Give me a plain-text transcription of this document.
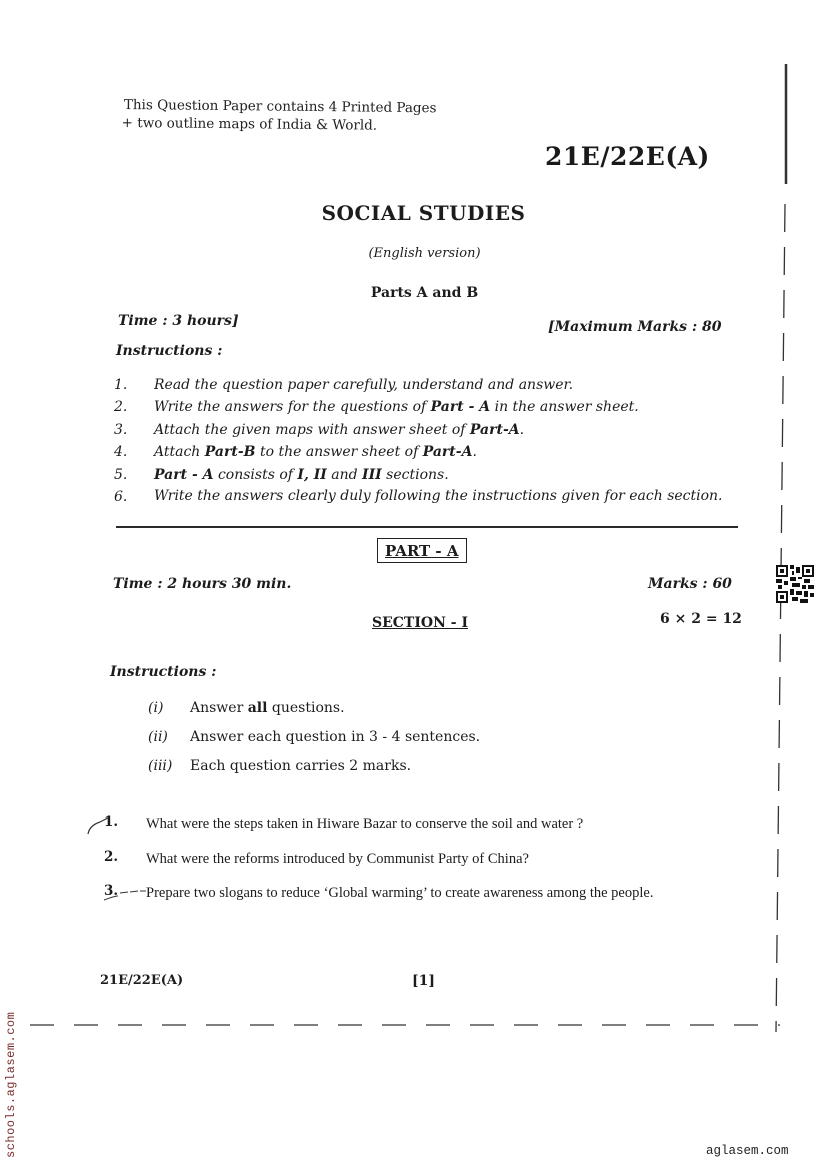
This Question Paper contains 4 Printed Pages
+ two outline maps of India & World.
21E/22E(A)
SOCIAL STUDIES
(English version)
Parts A and B
Time : 3 hours]	[Maximum Marks : 80
Instructions :
1.	Read the question paper carefully, understand and answer.
2.	Write the answers for the questions of Part - A in the answer sheet.
3.	Attach the given maps with answer sheet of Part-A.
4.	Attach Part-B to the answer sheet of Part-A.
5.	Part - A consists of I, II and III sections.
6.	Write the answers clearly duly following the instructions given for each section.
PART - A
Time : 2 hours 30 min.	Marks : 60
SECTION - I	6 × 2 = 12
Instructions :
(i)	Answer all questions.
(ii)	Answer each question in 3 - 4 sentences.
(iii)	Each question carries 2 marks.
1.	What were the steps taken in Hiware Bazar to conserve the soil and water ?
2.	What were the reforms introduced by Communist Party of China?
3.	Prepare two slogans to reduce ‘Global warming’ to create awareness among the people.
21E/22E(A)	[1]
schools.aglasem.com	aglasem.com
